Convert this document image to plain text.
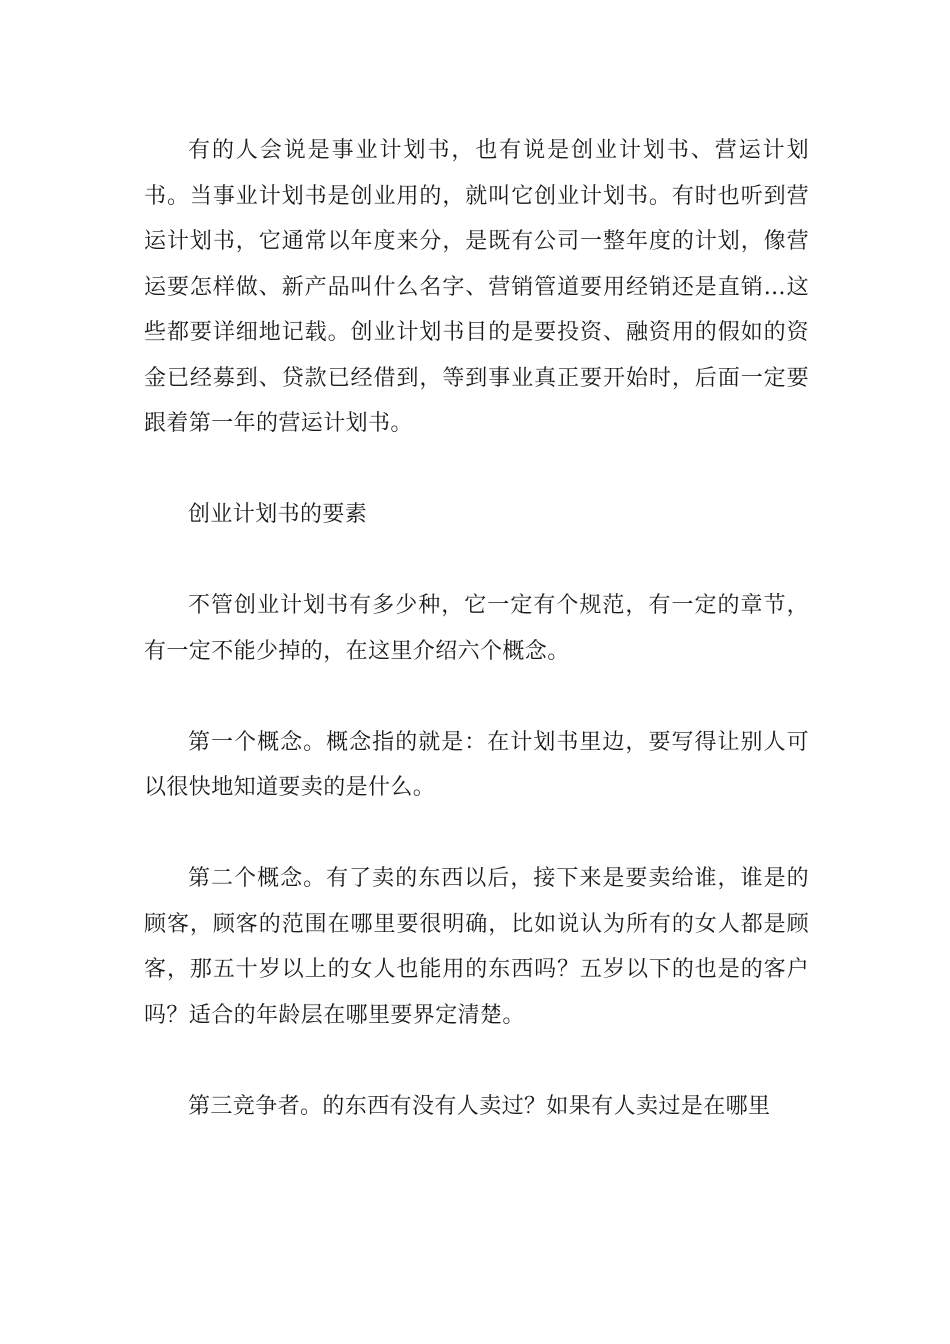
有的人会说是事业计划书，也有说是创业计划书、营运计划书。当事业计划书是创业用的，就叫它创业计划书。有时也听到营运计划书，它通常以年度来分，是既有公司一整年度的计划，像营运要怎样做、新产品叫什么名字、营销管道要用经销还是直销…这些都要详细地记载。创业计划书目的是要投资、融资用的假如的资金已经募到、贷款已经借到，等到事业真正要开始时，后面一定要跟着第一年的营运计划书。

创业计划书的要素

不管创业计划书有多少种，它一定有个规范，有一定的章节，有一定不能少掉的，在这里介绍六个概念。

第一个概念。概念指的就是：在计划书里边，要写得让别人可以很快地知道要卖的是什么。

第二个概念。有了卖的东西以后，接下来是要卖给谁，谁是的顾客，顾客的范围在哪里要很明确，比如说认为所有的女人都是顾客，那五十岁以上的女人也能用的东西吗？五岁以下的也是的客户吗？适合的年龄层在哪里要界定清楚。

第三竞争者。的东西有没有人卖过？如果有人卖过是在哪里
